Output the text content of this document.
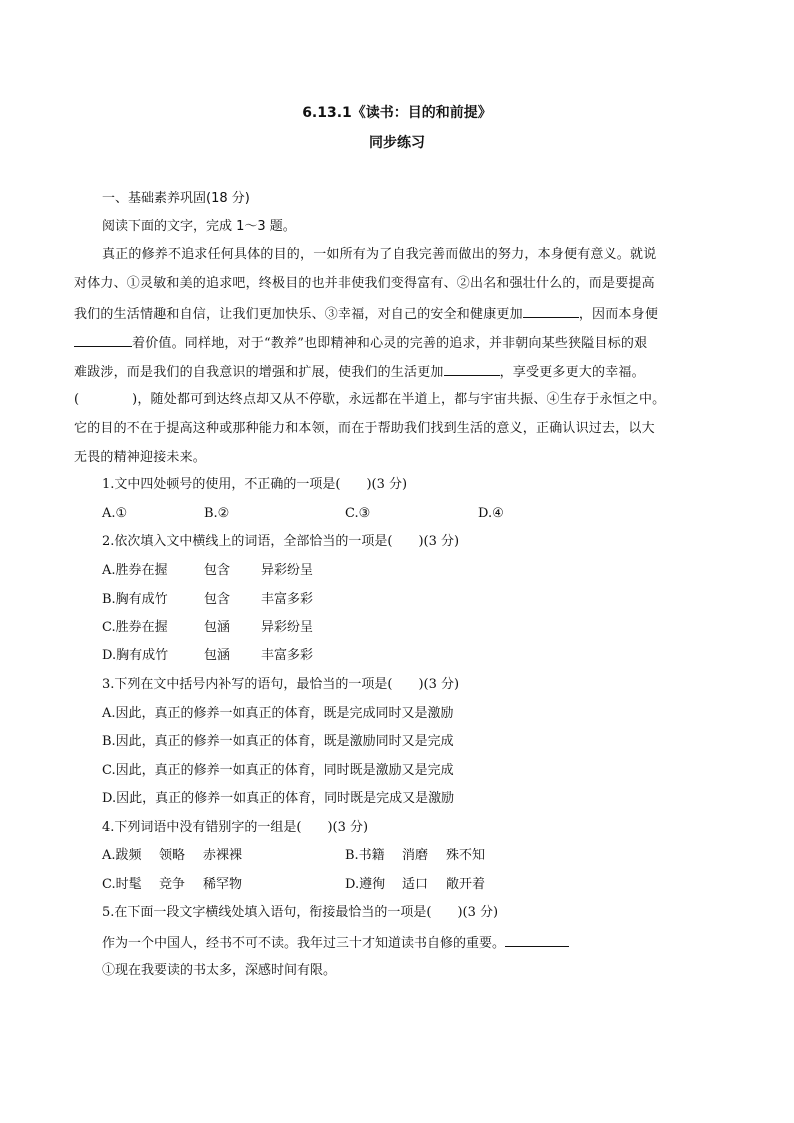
6.13.1《读书：目的和前提》
同步练习
一、基础素养巩固(18 分)
阅读下面的文字，完成 1～3 题。
真正的修养不追求任何具体的目的，一如所有为了自我完善而做出的努力，本身便有意义。就说
对体力、①灵敏和美的追求吧，终极目的也并非使我们变得富有、②出名和强壮什么的，而是要提高
我们的生活情趣和自信，让我们更加快乐、③幸福，对自己的安全和健康更加	，因而本身便
着价值。同样地，对于“教养”也即精神和心灵的完善的追求，并非朝向某些狭隘目标的艰
难跋涉，而是我们的自我意识的增强和扩展，使我们的生活更加	，享受更多更大的幸福。
(　　　　)，随处都可到达终点却又从不停歇，永远都在半道上，都与宇宙共振、④生存于永恒之中。
它的目的不在于提高这种或那种能力和本领，而在于帮助我们找到生活的意义，正确认识过去，以大
无畏的精神迎接未来。
1.文中四处顿号的使用，不正确的一项是(　　)(3 分)
A.①	B.②	C.③	D.④
2.依次填入文中横线上的词语，全部恰当的一项是(　　)(3 分)
A.胜券在握	包含 异彩纷呈
B.胸有成竹	包含 丰富多彩
C.胜券在握	包涵 异彩纷呈
D.胸有成竹	包涵 丰富多彩
3.下列在文中括号内补写的语句，最恰当的一项是(　　)(3 分)
A.因此，真正的修养一如真正的体育，既是完成同时又是激励
B.因此，真正的修养一如真正的体育，既是激励同时又是完成
C.因此，真正的修养一如真正的体育，同时既是激励又是完成
D.因此，真正的修养一如真正的体育，同时既是完成又是激励
4.下列词语中没有错别字的一组是(　　)(3 分)
A.跋频 领略 赤裸裸	B.书籍 消磨 殊不知
C.时髦 竞争 稀罕物	D.遵徇 适口 敞开着
5.在下面一段文字横线处填入语句，衔接最恰当的一项是(　　)(3 分)
作为一个中国人，经书不可不读。我年过三十才知道读书自修的重要。
①现在我要读的书太多，深感时间有限。
